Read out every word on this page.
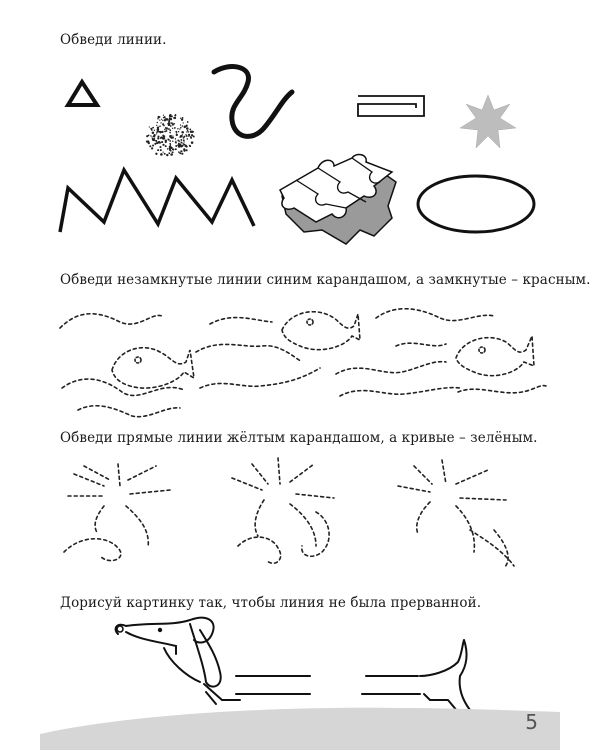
Обведи линии.
Обведи незамкнутые линии синим карандашом, а замкнутые – красным.
Обведи прямые линии жёлтым карандашом, а кривые – зелёным.
Дорисуй картинку так, чтобы линия не была прерванной.
5
